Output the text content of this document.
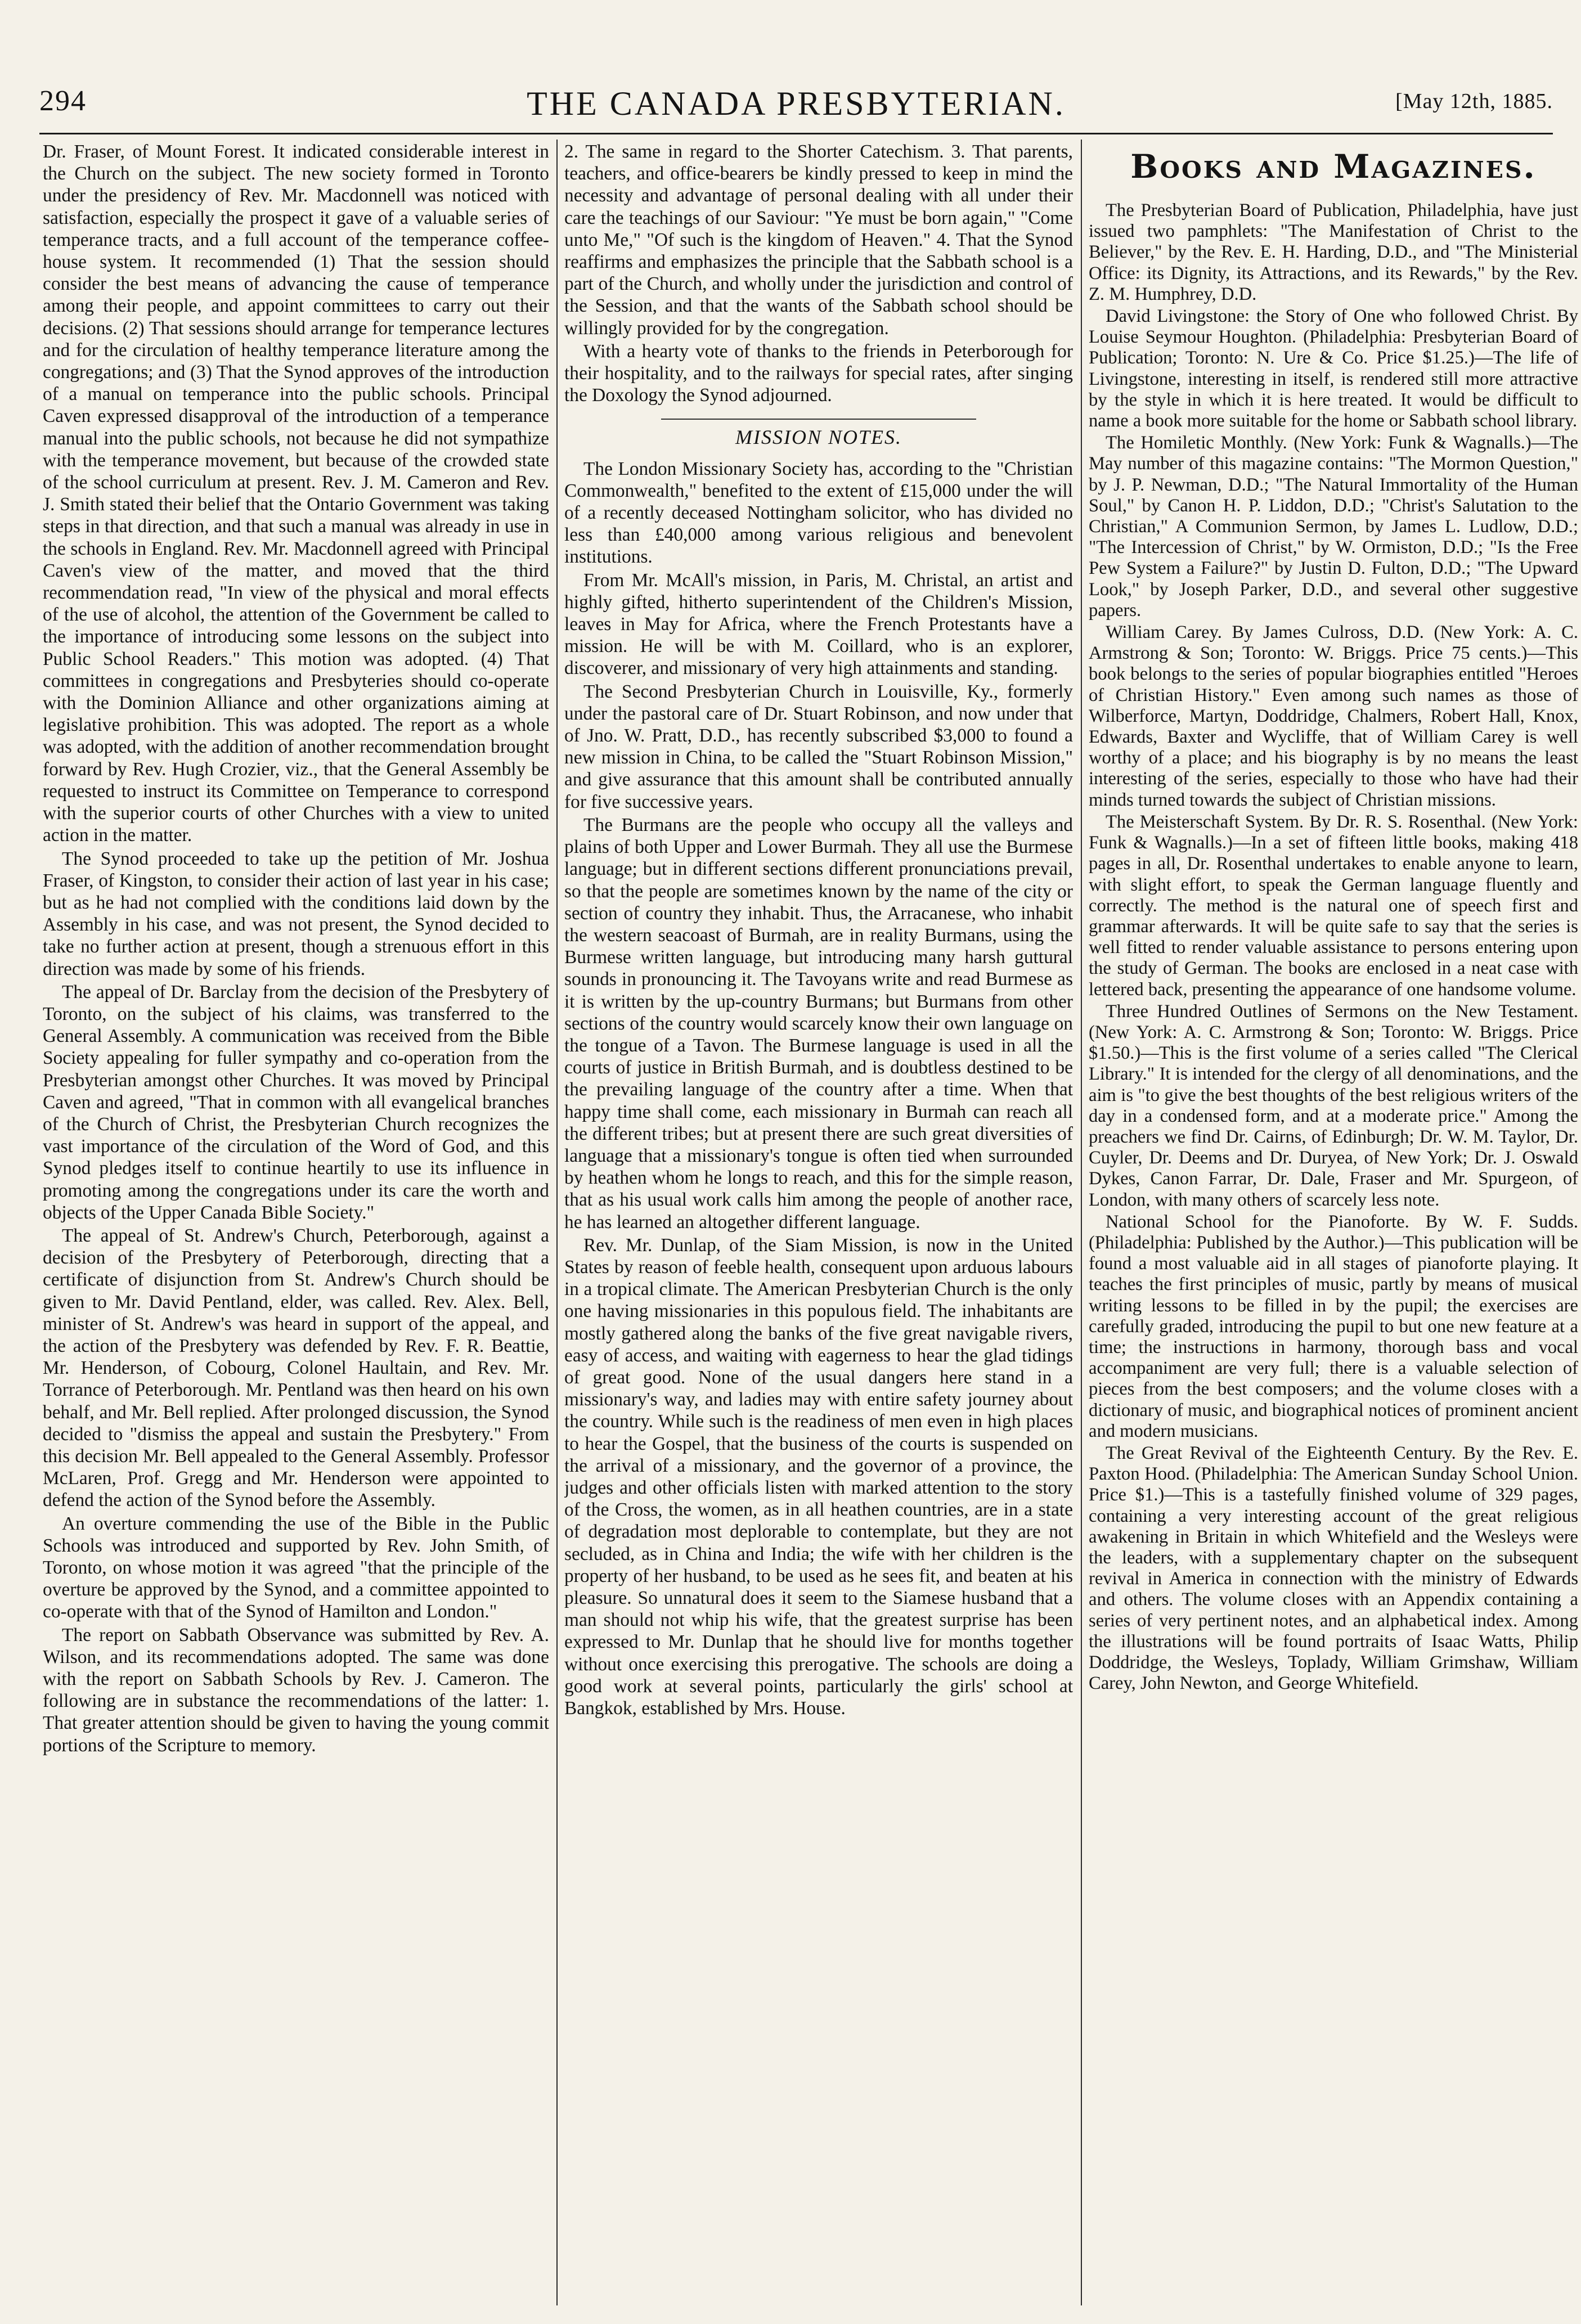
294	THE CANADA PRESBYTERIAN.	[May 12th, 1885.

Dr. Fraser, of Mount Forest. It indicated considerable interest in the Church on the subject. The new society formed in Toronto under the presidency of Rev. Mr. Macdonnell was noticed with satisfaction, especially the prospect it gave of a valuable series of temperance tracts, and a full account of the temperance coffee-house system. It recommended (1) That the session should consider the best means of advancing the cause of temperance among their people, and appoint committees to carry out their decisions. (2) That sessions should arrange for temperance lectures and for the circulation of healthy temperance literature among the congregations; and (3) That the Synod approves of the introduction of a manual on temperance into the public schools. Principal Caven expressed disapproval of the introduction of a temperance manual into the public schools, not because he did not sympathize with the temperance movement, but because of the crowded state of the school curriculum at present. Rev. J. M. Cameron and Rev. J. Smith stated their belief that the Ontario Government was taking steps in that direction, and that such a manual was already in use in the schools in England. Rev. Mr. Macdonnell agreed with Principal Caven's view of the matter, and moved that the third recommendation read, "In view of the physical and moral effects of the use of alcohol, the attention of the Government be called to the importance of introducing some lessons on the subject into Public School Readers." This motion was adopted. (4) That committees in congregations and Presbyteries should co-operate with the Dominion Alliance and other organizations aiming at legislative prohibition. This was adopted. The report as a whole was adopted, with the addition of another recommendation brought forward by Rev. Hugh Crozier, viz., that the General Assembly be requested to instruct its Committee on Temperance to correspond with the superior courts of other Churches with a view to united action in the matter.

The Synod proceeded to take up the petition of Mr. Joshua Fraser, of Kingston, to consider their action of last year in his case; but as he had not complied with the conditions laid down by the Assembly in his case, and was not present, the Synod decided to take no further action at present, though a strenuous effort in this direction was made by some of his friends.

The appeal of Dr. Barclay from the decision of the Presbytery of Toronto, on the subject of his claims, was transferred to the General Assembly. A communication was received from the Bible Society appealing for fuller sympathy and co-operation from the Presbyterian amongst other Churches. It was moved by Principal Caven and agreed, "That in common with all evangelical branches of the Church of Christ, the Presbyterian Church recognizes the vast importance of the circulation of the Word of God, and this Synod pledges itself to continue heartily to use its influence in promoting among the congregations under its care the worth and objects of the Upper Canada Bible Society."

The appeal of St. Andrew's Church, Peterborough, against a decision of the Presbytery of Peterborough, directing that a certificate of disjunction from St. Andrew's Church should be given to Mr. David Pentland, elder, was called. Rev. Alex. Bell, minister of St. Andrew's was heard in support of the appeal, and the action of the Presbytery was defended by Rev. F. R. Beattie, Mr. Henderson, of Cobourg, Colonel Haultain, and Rev. Mr. Torrance of Peterborough. Mr. Pentland was then heard on his own behalf, and Mr. Bell replied. After prolonged discussion, the Synod decided to "dismiss the appeal and sustain the Presbytery." From this decision Mr. Bell appealed to the General Assembly. Professor McLaren, Prof. Gregg and Mr. Henderson were appointed to defend the action of the Synod before the Assembly.

An overture commending the use of the Bible in the Public Schools was introduced and supported by Rev. John Smith, of Toronto, on whose motion it was agreed "that the principle of the overture be approved by the Synod, and a committee appointed to co-operate with that of the Synod of Hamilton and London."

The report on Sabbath Observance was submitted by Rev. A. Wilson, and its recommendations adopted. The same was done with the report on Sabbath Schools by Rev. J. Cameron. The following are in substance the recommendations of the latter: 1. That greater attention should be given to having the young commit portions of the Scripture to memory.

2. The same in regard to the Shorter Catechism. 3. That parents, teachers, and office-bearers be kindly pressed to keep in mind the necessity and advantage of personal dealing with all under their care the teachings of our Saviour: "Ye must be born again," "Come unto Me," "Of such is the kingdom of Heaven." 4. That the Synod reaffirms and emphasizes the principle that the Sabbath school is a part of the Church, and wholly under the jurisdiction and control of the Session, and that the wants of the Sabbath school should be willingly provided for by the congregation.

With a hearty vote of thanks to the friends in Peterborough for their hospitality, and to the railways for special rates, after singing the Doxology the Synod adjourned.

MISSION NOTES.

The London Missionary Society has, according to the "Christian Commonwealth," benefited to the extent of £15,000 under the will of a recently deceased Nottingham solicitor, who has divided no less than £40,000 among various religious and benevolent institutions.

From Mr. McAll's mission, in Paris, M. Christal, an artist and highly gifted, hitherto superintendent of the Children's Mission, leaves in May for Africa, where the French Protestants have a mission. He will be with M. Coillard, who is an explorer, discoverer, and missionary of very high attainments and standing.

The Second Presbyterian Church in Louisville, Ky., formerly under the pastoral care of Dr. Stuart Robinson, and now under that of Jno. W. Pratt, D.D., has recently subscribed $3,000 to found a new mission in China, to be called the "Stuart Robinson Mission," and give assurance that this amount shall be contributed annually for five successive years.

The Burmans are the people who occupy all the valleys and plains of both Upper and Lower Burmah. They all use the Burmese language; but in different sections different pronunciations prevail, so that the people are sometimes known by the name of the city or section of country they inhabit. Thus, the Arracanese, who inhabit the western seacoast of Burmah, are in reality Burmans, using the Burmese written language, but introducing many harsh guttural sounds in pronouncing it. The Tavoyans write and read Burmese as it is written by the up-country Burmans; but Burmans from other sections of the country would scarcely know their own language on the tongue of a Tavon. The Burmese language is used in all the courts of justice in British Burmah, and is doubtless destined to be the prevailing language of the country after a time. When that happy time shall come, each missionary in Burmah can reach all the different tribes; but at present there are such great diversities of language that a missionary's tongue is often tied when surrounded by heathen whom he longs to reach, and this for the simple reason, that as his usual work calls him among the people of another race, he has learned an altogether different language.

Rev. Mr. Dunlap, of the Siam Mission, is now in the United States by reason of feeble health, consequent upon arduous labours in a tropical climate. The American Presbyterian Church is the only one having missionaries in this populous field. The inhabitants are mostly gathered along the banks of the five great navigable rivers, easy of access, and waiting with eagerness to hear the glad tidings of great good. None of the usual dangers here stand in a missionary's way, and ladies may with entire safety journey about the country. While such is the readiness of men even in high places to hear the Gospel, that the business of the courts is suspended on the arrival of a missionary, and the governor of a province, the judges and other officials listen with marked attention to the story of the Cross, the women, as in all heathen countries, are in a state of degradation most deplorable to contemplate, but they are not secluded, as in China and India; the wife with her children is the property of her husband, to be used as he sees fit, and beaten at his pleasure. So unnatural does it seem to the Siamese husband that a man should not whip his wife, that the greatest surprise has been expressed to Mr. Dunlap that he should live for months together without once exercising this prerogative. The schools are doing a good work at several points, particularly the girls' school at Bangkok, established by Mrs. House.

Books and Magazines.

The Presbyterian Board of Publication, Philadelphia, have just issued two pamphlets: "The Manifestation of Christ to the Believer," by the Rev. E. H. Harding, D.D., and "The Ministerial Office: its Dignity, its Attractions, and its Rewards," by the Rev. Z. M. Humphrey, D.D.

David Livingstone: the Story of One who followed Christ. By Louise Seymour Houghton. (Philadelphia: Presbyterian Board of Publication; Toronto: N. Ure & Co. Price $1.25.)—The life of Livingstone, interesting in itself, is rendered still more attractive by the style in which it is here treated. It would be difficult to name a book more suitable for the home or Sabbath school library.

The Homiletic Monthly. (New York: Funk & Wagnalls.)—The May number of this magazine contains: "The Mormon Question," by J. P. Newman, D.D.; "The Natural Immortality of the Human Soul," by Canon H. P. Liddon, D.D.; "Christ's Salutation to the Christian," A Communion Sermon, by James L. Ludlow, D.D.; "The Intercession of Christ," by W. Ormiston, D.D.; "Is the Free Pew System a Failure?" by Justin D. Fulton, D.D.; "The Upward Look," by Joseph Parker, D.D., and several other suggestive papers.

William Carey. By James Culross, D.D. (New York: A. C. Armstrong & Son; Toronto: W. Briggs. Price 75 cents.)—This book belongs to the series of popular biographies entitled "Heroes of Christian History." Even among such names as those of Wilberforce, Martyn, Doddridge, Chalmers, Robert Hall, Knox, Edwards, Baxter and Wycliffe, that of William Carey is well worthy of a place; and his biography is by no means the least interesting of the series, especially to those who have had their minds turned towards the subject of Christian missions.

The Meisterschaft System. By Dr. R. S. Rosenthal. (New York: Funk & Wagnalls.)—In a set of fifteen little books, making 418 pages in all, Dr. Rosenthal undertakes to enable anyone to learn, with slight effort, to speak the German language fluently and correctly. The method is the natural one of speech first and grammar afterwards. It will be quite safe to say that the series is well fitted to render valuable assistance to persons entering upon the study of German. The books are enclosed in a neat case with lettered back, presenting the appearance of one handsome volume.

Three Hundred Outlines of Sermons on the New Testament. (New York: A. C. Armstrong & Son; Toronto: W. Briggs. Price $1.50.)—This is the first volume of a series called "The Clerical Library." It is intended for the clergy of all denominations, and the aim is "to give the best thoughts of the best religious writers of the day in a condensed form, and at a moderate price." Among the preachers we find Dr. Cairns, of Edinburgh; Dr. W. M. Taylor, Dr. Cuyler, Dr. Deems and Dr. Duryea, of New York; Dr. J. Oswald Dykes, Canon Farrar, Dr. Dale, Fraser and Mr. Spurgeon, of London, with many others of scarcely less note.

National School for the Pianoforte. By W. F. Sudds. (Philadelphia: Published by the Author.)—This publication will be found a most valuable aid in all stages of pianoforte playing. It teaches the first principles of music, partly by means of musical writing lessons to be filled in by the pupil; the exercises are carefully graded, introducing the pupil to but one new feature at a time; the instructions in harmony, thorough bass and vocal accompaniment are very full; there is a valuable selection of pieces from the best composers; and the volume closes with a dictionary of music, and biographical notices of prominent ancient and modern musicians.

The Great Revival of the Eighteenth Century. By the Rev. E. Paxton Hood. (Philadelphia: The American Sunday School Union. Price $1.)—This is a tastefully finished volume of 329 pages, containing a very interesting account of the great religious awakening in Britain in which Whitefield and the Wesleys were the leaders, with a supplementary chapter on the subsequent revival in America in connection with the ministry of Edwards and others. The volume closes with an Appendix containing a series of very pertinent notes, and an alphabetical index. Among the illustrations will be found portraits of Isaac Watts, Philip Doddridge, the Wesleys, Toplady, William Grimshaw, William Carey, John Newton, and George Whitefield.
